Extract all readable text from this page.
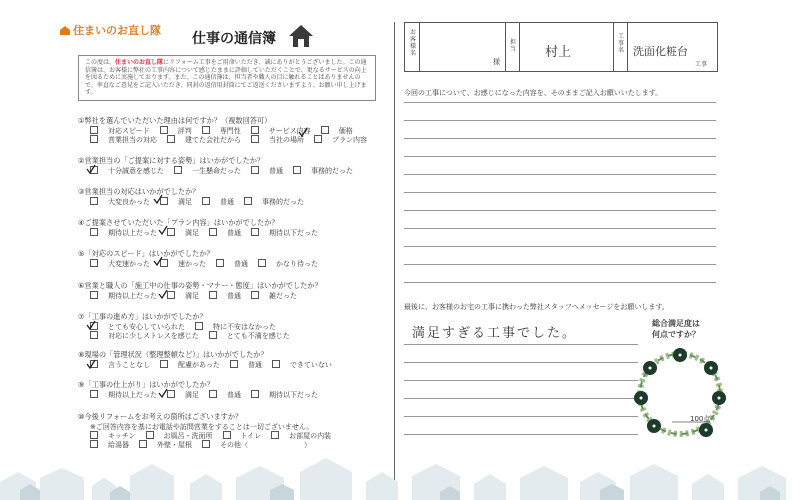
住まいのお直し隊
仕事の通信簿
この度は、住まいのお直し隊にリフォーム工事をご用命いただき、誠にありがとうございました。この通信簿は、お客様に弊社の工事内容について感じたままに評価していただくことで、更なるサービスの向上を図るために実施しております。また、この通信簿は、担当者や職人の目に触れることはありませんので、率直なご意見をご記入いただき、同封の返信用封筒にてご返送くださいますよう、お願い申し上げます。
①弊社を選んでいただいた理由は何ですか？（複数回答可）
対応スピード	評判	専門性	サービス内容	価格
営業担当の対応	建てた会社だから	当社の場所	プラン内容
②営業担当の「ご提案に対する姿勢」はいかがでしたか？
十分誠意を感じた	一生懸命だった	普通	事務的だった
③営業担当の対応はいかがでしたか？
大変良かった	満足	普通	事務的だった
④ご提案させていただいた「プラン内容」はいかがでしたか？
期待以上だった	満足	普通	期待以下だった
⑤「対応のスピード」はいかがでしたか？
大変速かった	速かった	普通	かなり待った
⑥営業と職人の「施工中の仕事の姿勢・マナー・態度」はいかがでしたか？
期待以上だった	満足	普通	雑だった
⑦「工事の進め方」はいかがでしたか？
とても安心していられた	特に不安はなかった
対応に少しストレスを感じた	とても不満を感じた
⑧現場の「管理状況（整理整頓など）」はいかがでしたか？
言うことなし	配慮があった	普通	できていない
⑨「工事の仕上がり」はいかがでしたか？
期待以上だった	満足	普通	期待以下だった
⑩今後リフォームをお考えの箇所はございますか？
※ご回答内容を基にお電話や訪問営業をすることは一切ございません。
キッチン	お風呂・洗面所	トイレ	お部屋の内装
給湯器	外壁・屋根	その他（　　　　　　　　）
お客様名
様
担当 村上
工事名 洗面化粧台
工事
今回の工事について、お感じになった内容を、そのままご記入お願いいたします。
最後に、お客様のお宅の工事に携わった弊社スタッフへメッセージをお願いします。
満足すぎる工事でした。
総合満足度は
何点ですか？
100点
